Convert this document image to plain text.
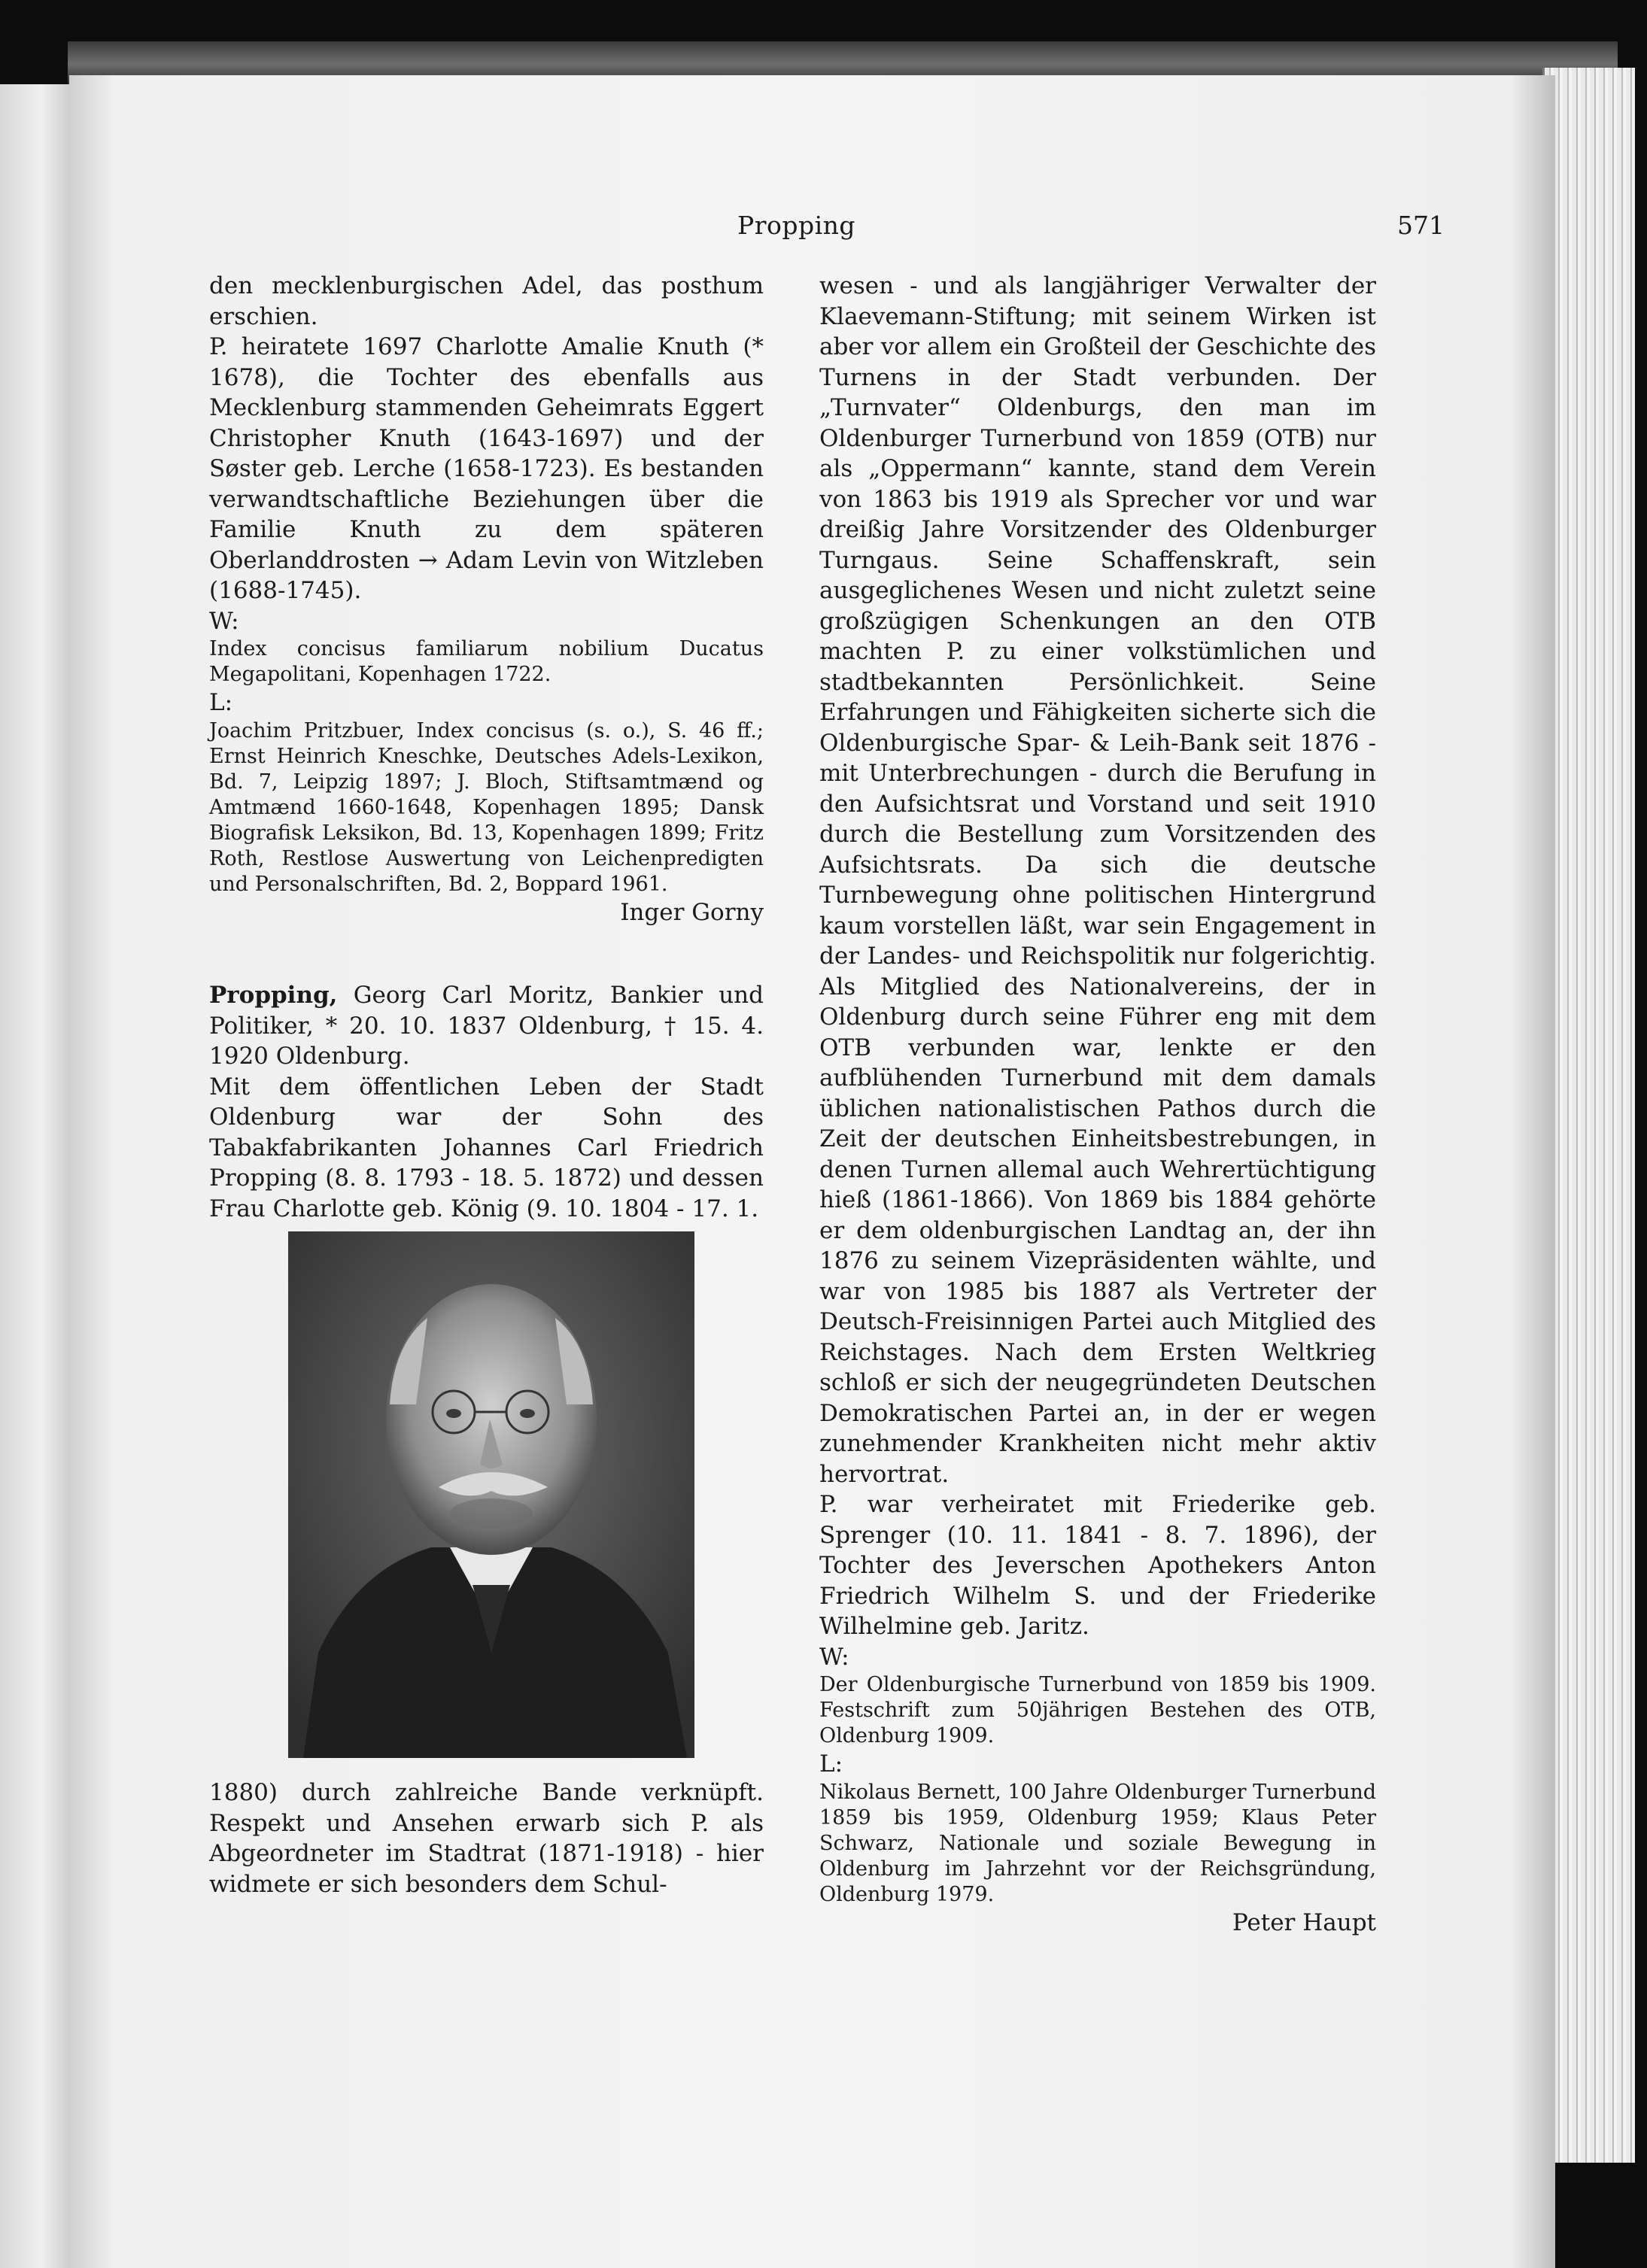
Propping	571

den mecklenburgischen Adel, das posthum erschien.

P. heiratete 1697 Charlotte Amalie Knuth (* 1678), die Tochter des ebenfalls aus Mecklenburg stammenden Geheimrats Eggert Christopher Knuth (1643-1697) und der Søster geb. Lerche (1658-1723). Es bestanden verwandtschaftliche Beziehungen über die Familie Knuth zu dem späteren Oberlanddrosten → Adam Levin von Witzleben (1688-1745).

W:

Index concisus familiarum nobilium Ducatus Megapolitani, Kopenhagen 1722.

L:

Joachim Pritzbuer, Index concisus (s. o.), S. 46 ff.; Ernst Heinrich Kneschke, Deutsches Adels-Lexikon, Bd. 7, Leipzig 1897; J. Bloch, Stiftsamtmænd og Amtmænd 1660-1648, Kopenhagen 1895; Dansk Biografisk Leksikon, Bd. 13, Kopenhagen 1899; Fritz Roth, Restlose Auswertung von Leichenpredigten und Personalschriften, Bd. 2, Boppard 1961.

Inger Gorny

Propping, Georg Carl Moritz, Bankier und Politiker, * 20. 10. 1837 Oldenburg, † 15. 4. 1920 Oldenburg.

Mit dem öffentlichen Leben der Stadt Oldenburg war der Sohn des Tabakfabrikanten Johannes Carl Friedrich Propping (8. 8. 1793 - 18. 5. 1872) und dessen Frau Charlotte geb. König (9. 10. 1804 - 17. 1.

1880) durch zahlreiche Bande verknüpft. Respekt und Ansehen erwarb sich P. als Abgeordneter im Stadtrat (1871-1918) - hier widmete er sich besonders dem Schul-

wesen - und als langjähriger Verwalter der Klaevemann-Stiftung; mit seinem Wirken ist aber vor allem ein Großteil der Geschichte des Turnens in der Stadt verbunden. Der „Turnvater“ Oldenburgs, den man im Oldenburger Turnerbund von 1859 (OTB) nur als „Oppermann“ kannte, stand dem Verein von 1863 bis 1919 als Sprecher vor und war dreißig Jahre Vorsitzender des Oldenburger Turngaus. Seine Schaffenskraft, sein ausgeglichenes Wesen und nicht zuletzt seine großzügigen Schenkungen an den OTB machten P. zu einer volkstümlichen und stadtbekannten Persönlichkeit. Seine Erfahrungen und Fähigkeiten sicherte sich die Oldenburgische Spar- & Leih-Bank seit 1876 - mit Unterbrechungen - durch die Berufung in den Aufsichtsrat und Vorstand und seit 1910 durch die Bestellung zum Vorsitzenden des Aufsichtsrats. Da sich die deutsche Turnbewegung ohne politischen Hintergrund kaum vorstellen läßt, war sein Engagement in der Landes- und Reichspolitik nur folgerichtig. Als Mitglied des Nationalvereins, der in Oldenburg durch seine Führer eng mit dem OTB verbunden war, lenkte er den aufblühenden Turnerbund mit dem damals üblichen nationalistischen Pathos durch die Zeit der deutschen Einheitsbestrebungen, in denen Turnen allemal auch Wehrertüchtigung hieß (1861-1866). Von 1869 bis 1884 gehörte er dem oldenburgischen Landtag an, der ihn 1876 zu seinem Vizepräsidenten wählte, und war von 1985 bis 1887 als Vertreter der Deutsch-Freisinnigen Partei auch Mitglied des Reichstages. Nach dem Ersten Weltkrieg schloß er sich der neugegründeten Deutschen Demokratischen Partei an, in der er wegen zunehmender Krankheiten nicht mehr aktiv hervortrat.

P. war verheiratet mit Friederike geb. Sprenger (10. 11. 1841 - 8. 7. 1896), der Tochter des Jeverschen Apothekers Anton Friedrich Wilhelm S. und der Friederike Wilhelmine geb. Jaritz.

W:

Der Oldenburgische Turnerbund von 1859 bis 1909. Festschrift zum 50jährigen Bestehen des OTB, Oldenburg 1909.

L:

Nikolaus Bernett, 100 Jahre Oldenburger Turnerbund 1859 bis 1959, Oldenburg 1959; Klaus Peter Schwarz, Nationale und soziale Bewegung in Oldenburg im Jahrzehnt vor der Reichsgründung, Oldenburg 1979.

Peter Haupt
